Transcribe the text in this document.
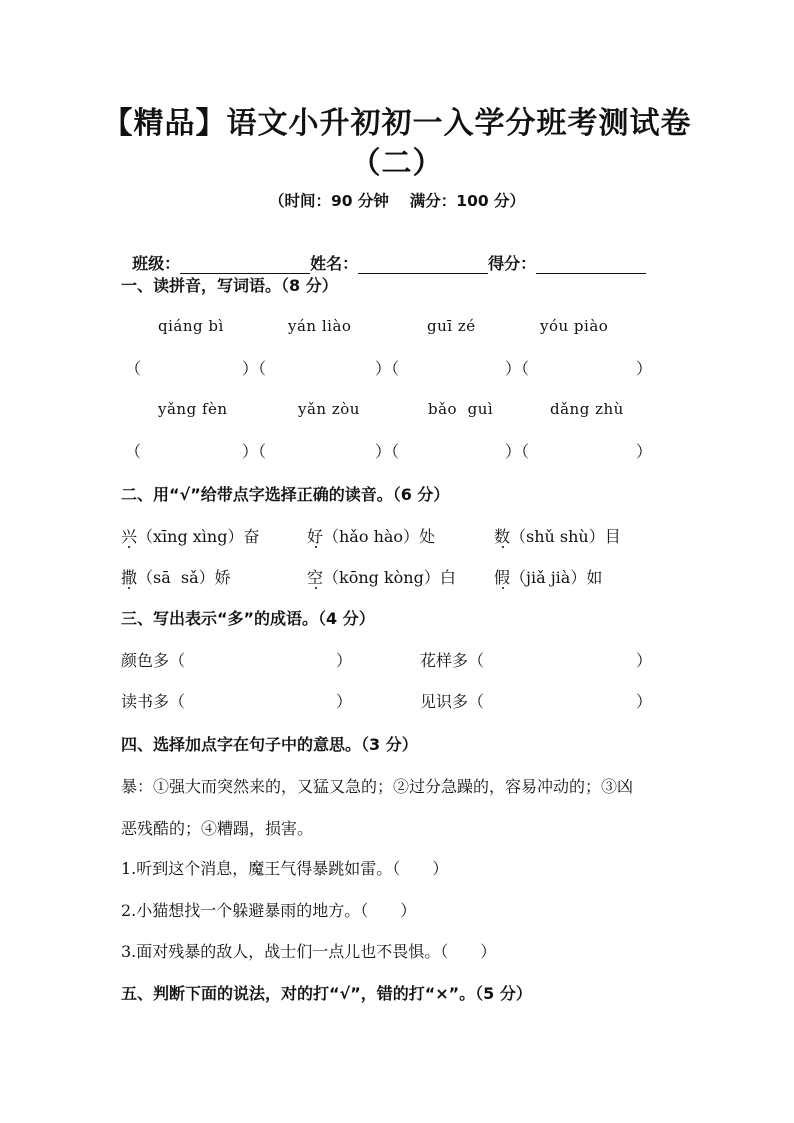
【精品】语文小升初初一入学分班考测试卷
（二）
（时间：90 分钟　 满分：100 分）

班级：	姓名：	得分：

一、读拼音，写词语。（8 分）
qiáng bì	yán liào	guī zé	yóu piào
（	）（	）（	）（	）
yǎng fèn	yǎn zòu	bǎo  guì	dǎng zhù
（	）（	）（	）（	）
二、用“√”给带点字选择正确的读音。（6 分）
兴（xīng xìng）奋	好（hǎo hào）处	数（shǔ shù）目
撒（sā  sǎ）娇	空（kōng kòng）白 假（jiǎ jià）如
三、写出表示“多”的成语。（4 分）
颜色多（	）	花样多（	）
读书多（	）	见识多（	）
四、选择加点字在句子中的意思。（3 分）
暴：①强大而突然来的，又猛又急的；②过分急躁的，容易冲动的；③凶
恶残酷的；④糟蹋，损害。
1.听到这个消息，魔王气得暴跳如雷。（　　）
2.小猫想找一个躲避暴雨的地方。（　　）
3.面对残暴的敌人，战士们一点儿也不畏惧。（　　）
五、判断下面的说法，对的打“√”，错的打“×”。（5 分）
